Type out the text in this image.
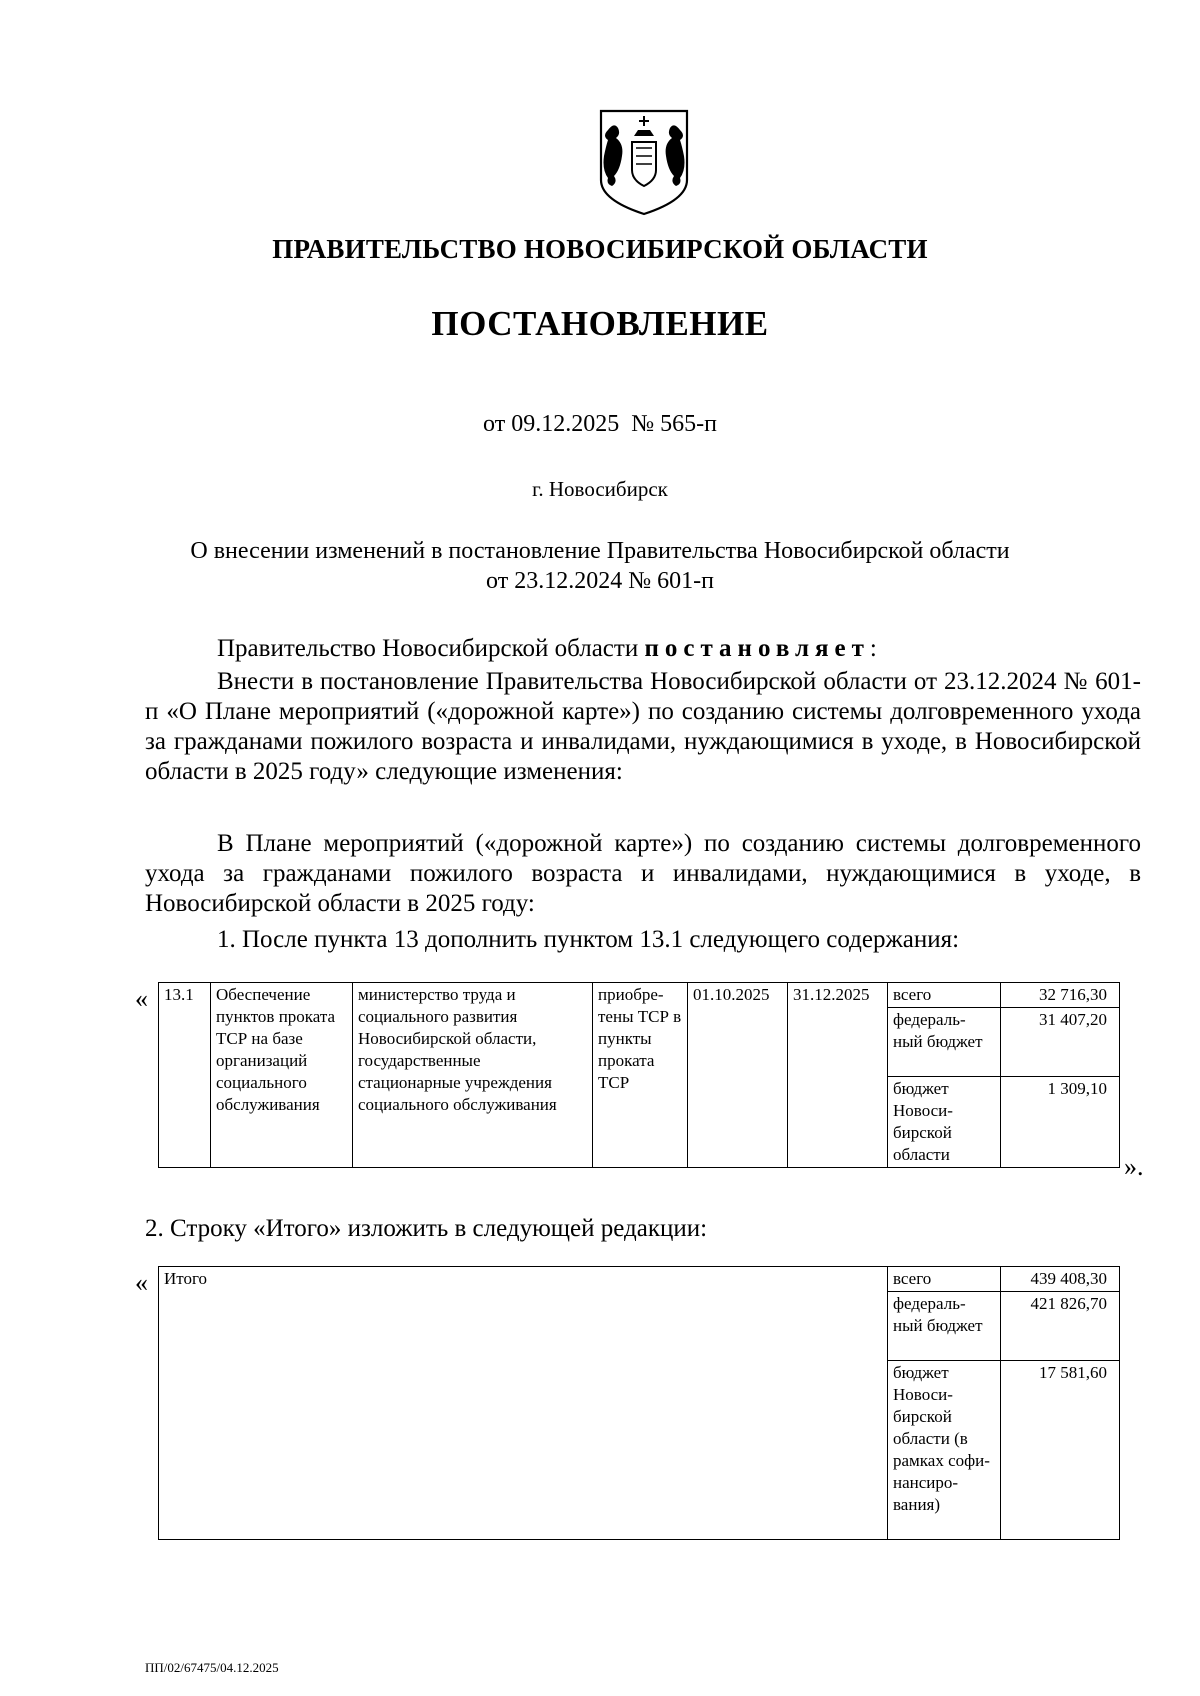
ПРАВИТЕЛЬСТВО НОВОСИБИРСКОЙ ОБЛАСТИ
ПОСТАНОВЛЕНИЕ
от 09.12.2025  № 565-п
г. Новосибирск
О внесении изменений в постановление Правительства Новосибирской области
от 23.12.2024 № 601-п
Правительство Новосибирской области постановляет:
Внести в постановление Правительства Новосибирской области от 23.12.2024 № 601-п «О Плане мероприятий («дорожной карте») по созданию системы долговременного ухода за гражданами пожилого возраста и инвалидами, нуждающимися в уходе, в Новосибирской области в 2025 году» следующие изменения:
В Плане мероприятий («дорожной карте») по созданию системы долговременного ухода за гражданами пожилого возраста и инвалидами, нуждающимися в уходе, в Новосибирской области в 2025 году:
1. После пункта 13 дополнить пунктом 13.1 следующего содержания:
« 13.1	Обеспечение пунктов проката ТСР на базе организаций социального обслуживания	министерство труда и социального развития Новосибирской области, государственные стационарные учреждения социального обслуживания	приобре-тены ТСР в пункты проката ТСР	01.10.2025	31.12.2025	всего	32 716,30
						федераль-ный бюджет	31 407,20
						бюджет Новоси-бирской области	1 309,10
».
2. Строку «Итого» изложить в следующей редакции:
« Итого	всего	439 408,30
	федераль-ный бюджет	421 826,70
	бюджет Новоси-бирской области (в рамках софи-нансиро-вания)	17 581,60
ПП/02/67475/04.12.2025
